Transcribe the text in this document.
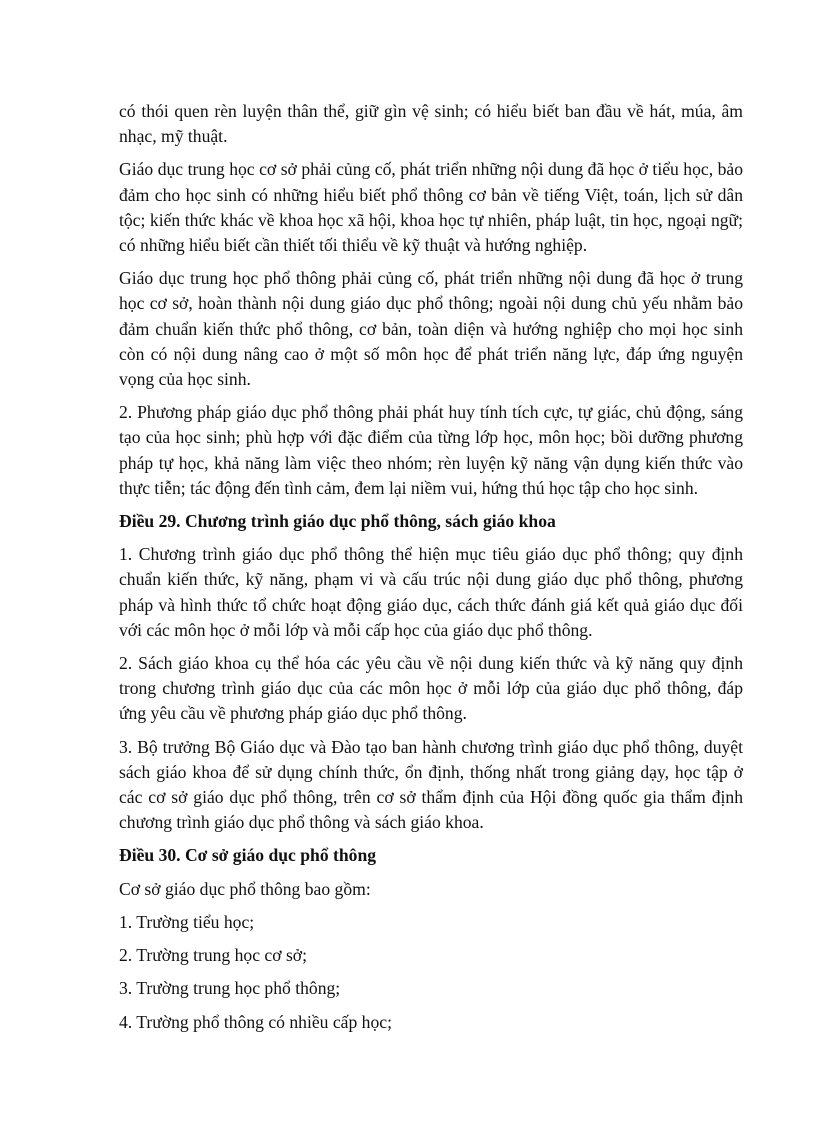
có thói quen rèn luyện thân thể, giữ gìn vệ sinh; có hiểu biết ban đầu về hát, múa, âm nhạc, mỹ thuật.

Giáo dục trung học cơ sở phải củng cố, phát triển những nội dung đã học ở tiểu học, bảo đảm cho học sinh có những hiểu biết phổ thông cơ bản về tiếng Việt, toán, lịch sử dân tộc; kiến thức khác về khoa học xã hội, khoa học tự nhiên, pháp luật, tin học, ngoại ngữ; có những hiểu biết cần thiết tối thiểu về kỹ thuật và hướng nghiệp.

Giáo dục trung học phổ thông phải củng cố, phát triển những nội dung đã học ở trung học cơ sở, hoàn thành nội dung giáo dục phổ thông; ngoài nội dung chủ yếu nhằm bảo đảm chuẩn kiến thức phổ thông, cơ bản, toàn diện và hướng nghiệp cho mọi học sinh còn có nội dung nâng cao ở một số môn học để phát triển năng lực, đáp ứng nguyện vọng của học sinh.

2. Phương pháp giáo dục phổ thông phải phát huy tính tích cực, tự giác, chủ động, sáng tạo của học sinh; phù hợp với đặc điểm của từng lớp học, môn học; bồi dưỡng phương pháp tự học, khả năng làm việc theo nhóm; rèn luyện kỹ năng vận dụng kiến thức vào thực tiễn; tác động đến tình cảm, đem lại niềm vui, hứng thú học tập cho học sinh.

Điều 29. Chương trình giáo dục phổ thông, sách giáo khoa

1. Chương trình giáo dục phổ thông thể hiện mục tiêu giáo dục phổ thông; quy định chuẩn kiến thức, kỹ năng, phạm vi và cấu trúc nội dung giáo dục phổ thông, phương pháp và hình thức tổ chức hoạt động giáo dục, cách thức đánh giá kết quả giáo dục đối với các môn học ở mỗi lớp và mỗi cấp học của giáo dục phổ thông.

2. Sách giáo khoa cụ thể hóa các yêu cầu về nội dung kiến thức và kỹ năng quy định trong chương trình giáo dục của các môn học ở mỗi lớp của giáo dục phổ thông, đáp ứng yêu cầu về phương pháp giáo dục phổ thông.

3. Bộ trưởng Bộ Giáo dục và Đào tạo ban hành chương trình giáo dục phổ thông, duyệt sách giáo khoa để sử dụng chính thức, ổn định, thống nhất trong giảng dạy, học tập ở các cơ sở giáo dục phổ thông, trên cơ sở thẩm định của Hội đồng quốc gia thẩm định chương trình giáo dục phổ thông và sách giáo khoa.

Điều 30. Cơ sở giáo dục phổ thông

Cơ sở giáo dục phổ thông bao gồm:

1. Trường tiểu học;

2. Trường trung học cơ sở;

3. Trường trung học phổ thông;

4. Trường phổ thông có nhiều cấp học;
